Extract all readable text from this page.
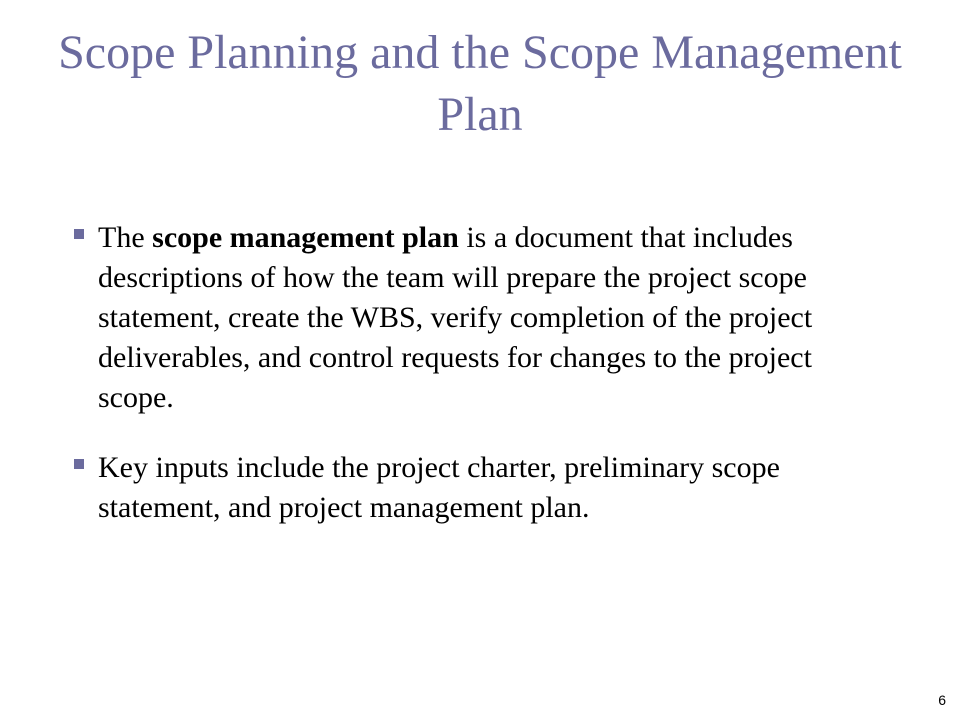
Scope Planning and the Scope Management Plan
The scope management plan is a document that includes descriptions of how the team will prepare the project scope statement, create the WBS, verify completion of the project deliverables, and control requests for changes to the project scope.
Key inputs include the project charter, preliminary scope statement, and project management plan.
6
